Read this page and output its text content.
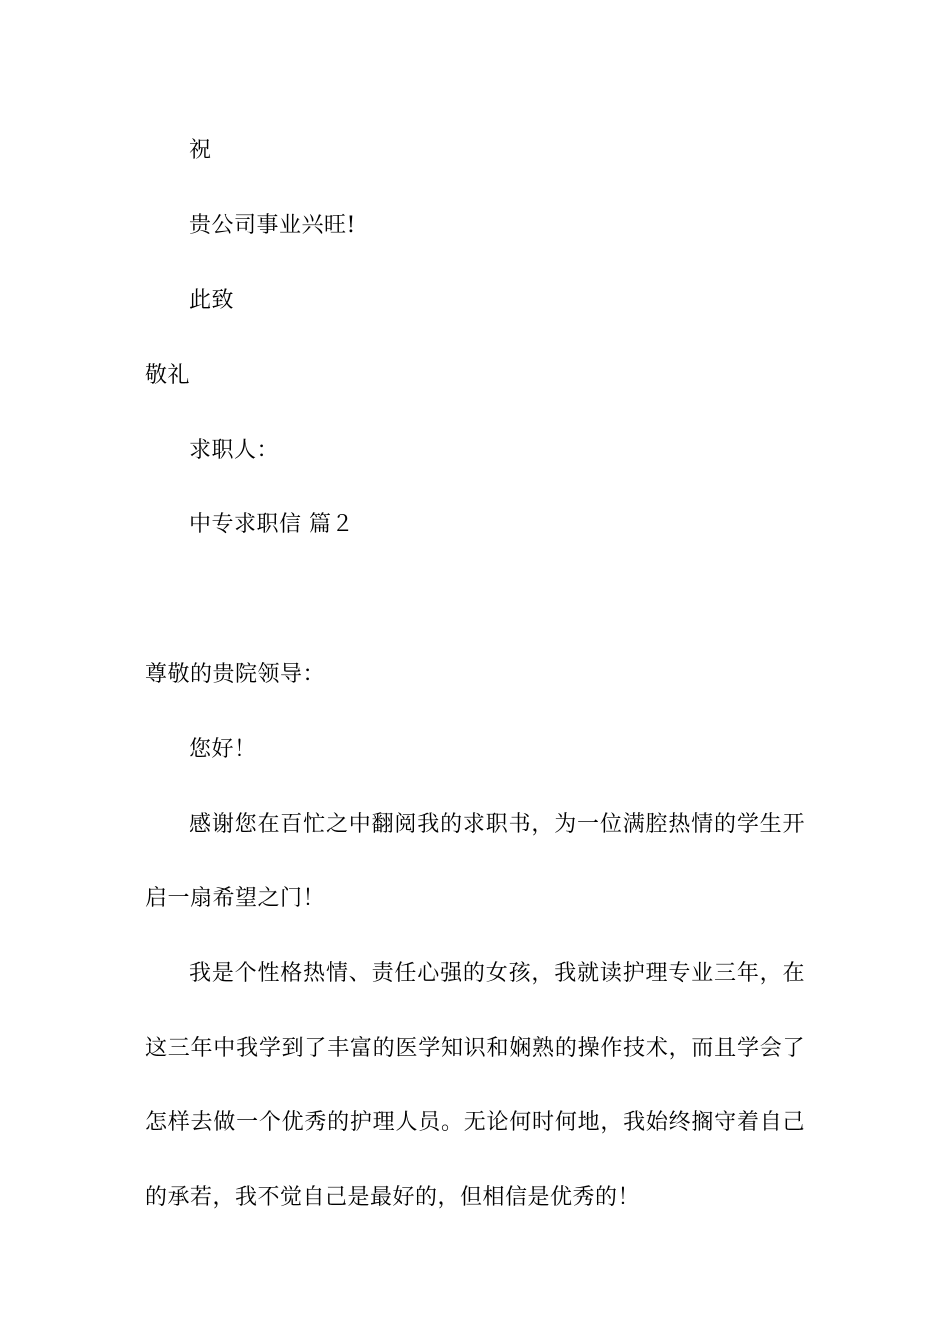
祝
贵公司事业兴旺!
此致
敬礼
求职人：
中专求职信 篇２
尊敬的贵院领导：
您好！
感谢您在百忙之中翻阅我的求职书，为一位满腔热情的学生开
启一扇希望之门！
我是个性格热情、责任心强的女孩，我就读护理专业三年，在
这三年中我学到了丰富的医学知识和娴熟的操作技术，而且学会了
怎样去做一个优秀的护理人员。无论何时何地，我始终搁守着自己
的承若，我不觉自己是最好的，但相信是优秀的！
